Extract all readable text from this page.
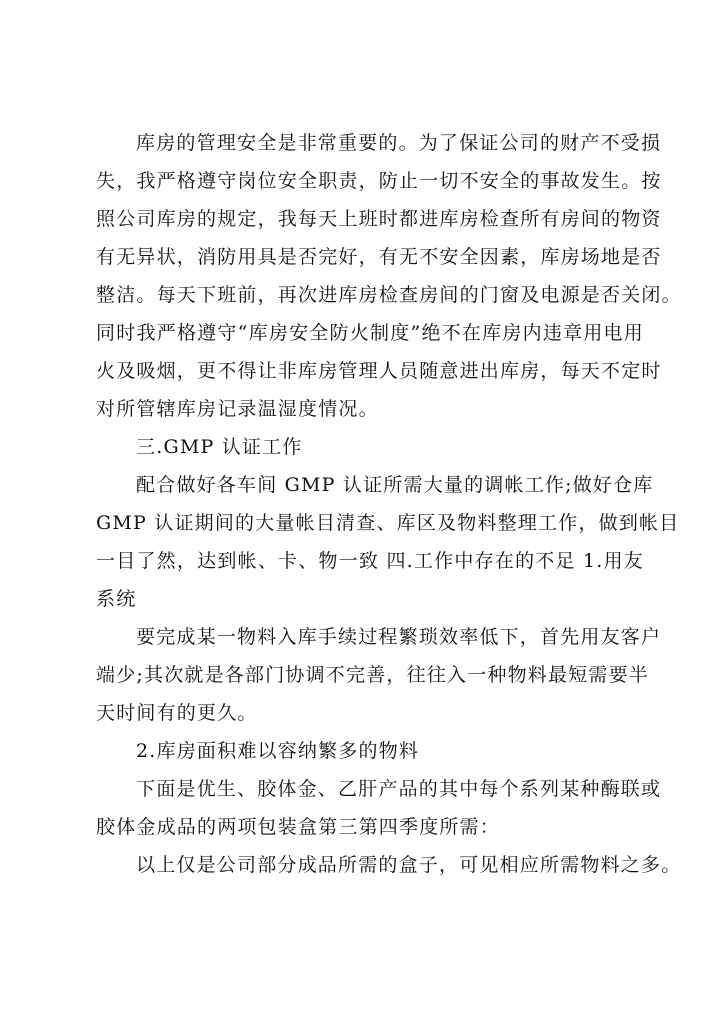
库房的管理安全是非常重要的。为了保证公司的财产不受损
失，我严格遵守岗位安全职责，防止一切不安全的事故发生。按
照公司库房的规定，我每天上班时都进库房检查所有房间的物资
有无异状，消防用具是否完好，有无不安全因素，库房场地是否
整洁。每天下班前，再次进库房检查房间的门窗及电源是否关闭。
同时我严格遵守“库房安全防火制度”绝不在库房内违章用电用
火及吸烟，更不得让非库房管理人员随意进出库房，每天不定时
对所管辖库房记录温湿度情况。
三.GMP 认证工作
配合做好各车间 GMP 认证所需大量的调帐工作;做好仓库
GMP 认证期间的大量帐目清查、库区及物料整理工作，做到帐目
一目了然，达到帐、卡、物一致 四.工作中存在的不足 1.用友
系统
要完成某一物料入库手续过程繁琐效率低下，首先用友客户
端少;其次就是各部门协调不完善，往往入一种物料最短需要半
天时间有的更久。
2.库房面积难以容纳繁多的物料
下面是优生、胶体金、乙肝产品的其中每个系列某种酶联或
胶体金成品的两项包装盒第三第四季度所需：
以上仅是公司部分成品所需的盒子，可见相应所需物料之多。
